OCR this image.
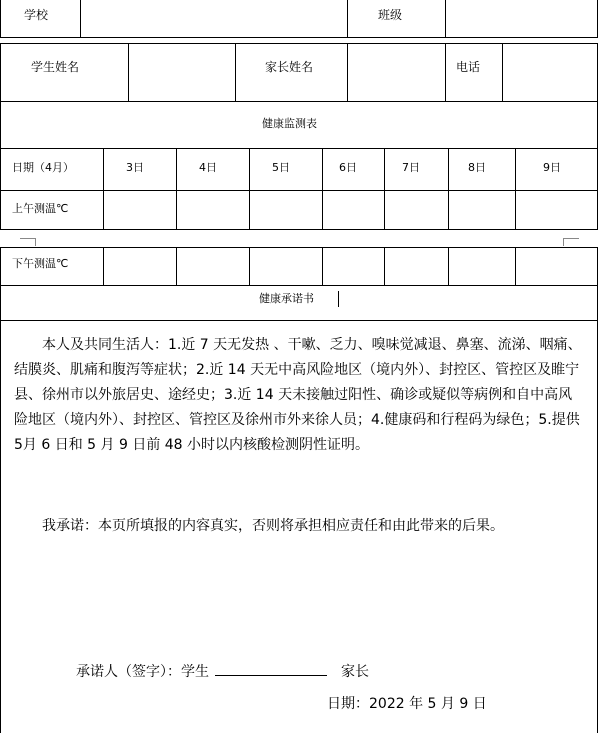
学校	班级
学生姓名	家长姓名	电话
健康监测表
日期（4月）	3日	4日	5日	6日	7日	8日	9日
上午测温℃
下午测温℃
健康承诺书

本人及共同生活人：1.近 7 天无发热 、干嗽、乏力、嗅味觉减退、鼻塞、流涕、咽痛、结膜炎、肌痛和腹泻等症状；2.近 14 天无中高风险地区（境内外）、封控区、管控区及睢宁县、徐州市以外旅居史、途经史；3.近 14 天未接触过阳性、确诊或疑似等病例和自中高风险地区（境内外）、封控区、管控区及徐州市外来徐人员；4.健康码和行程码为绿色；5.提供 5月 6 日和 5 月 9 日前 48 小时以内核酸检测阴性证明。

我承诺：本页所填报的内容真实，否则将承担相应责任和由此带来的后果。

承诺人（签字）：学生	家长
日期：2022 年 5 月 9 日
